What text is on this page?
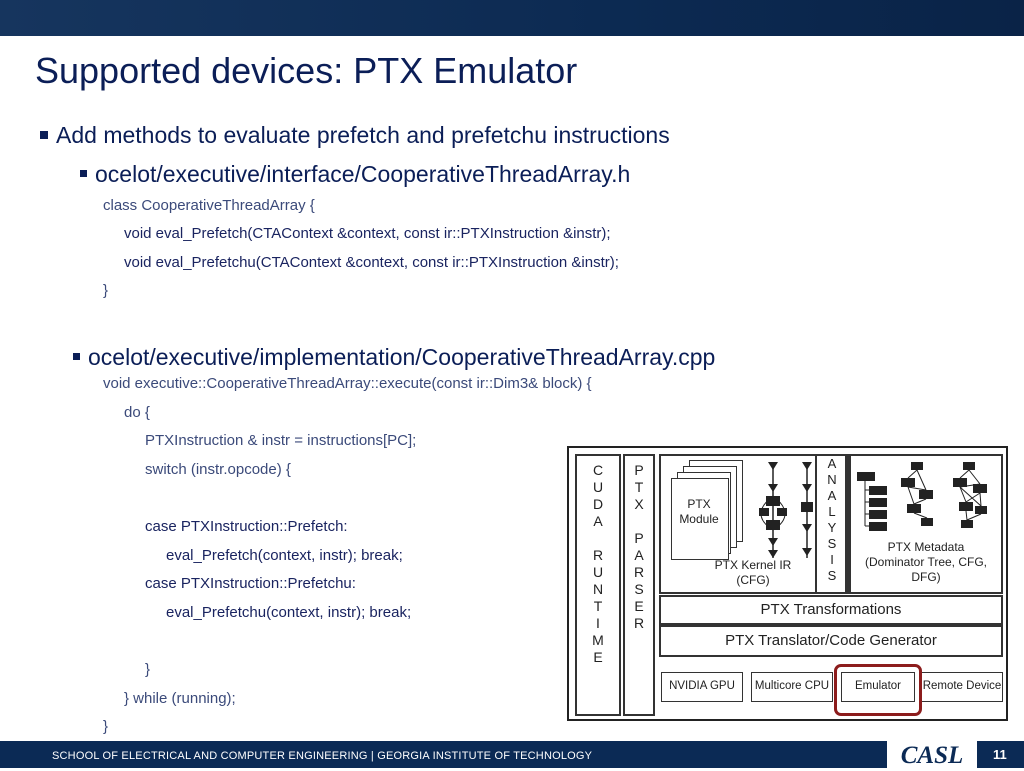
Supported devices: PTX Emulator
Add methods to evaluate prefetch and prefetchu instructions
ocelot/executive/interface/CooperativeThreadArray.h
class CooperativeThreadArray {
void eval_Prefetch(CTAContext &context, const ir::PTXInstruction &instr);
void eval_Prefetchu(CTAContext &context, const ir::PTXInstruction &instr);
}
ocelot/executive/implementation/CooperativeThreadArray.cpp
void executive::CooperativeThreadArray::execute(const ir::Dim3& block) {
do {
PTXInstruction & instr = instructions[PC];
switch (instr.opcode) {
case PTXInstruction::Prefetch:
eval_Prefetch(context, instr); break;
case PTXInstruction::Prefetchu:
eval_Prefetchu(context, instr); break;
}
} while (running);
}
C
U
D
A

R
U
N
T
I
M
E
P
T
X

P
A
R
S
E
R
PTX
Module
PTX Kernel IR
(CFG)
A
N
A
L
Y
S
I
S
PTX Metadata
(Dominator Tree, CFG,
DFG)
PTX Transformations
PTX Translator/Code Generator
NVIDIA GPU	Multicore CPU	Emulator	Remote Device
SCHOOL OF ELECTRICAL AND COMPUTER ENGINEERING | GEORGIA INSTITUTE OF TECHNOLOGY	CASL	11
